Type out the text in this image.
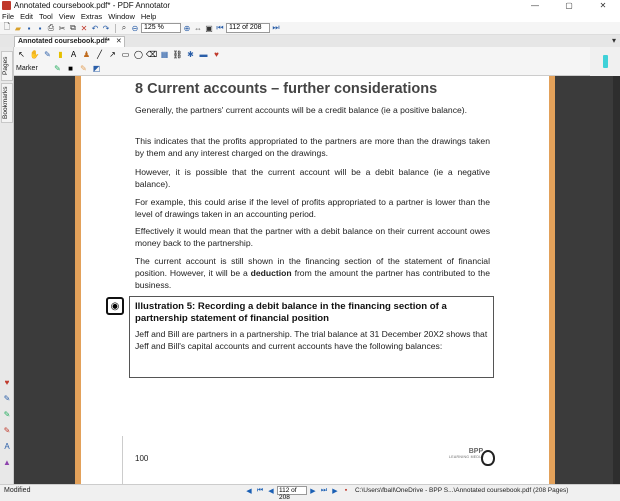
Annotated coursebook.pdf* - PDF Annotator	—	▢	✕
File Edit Tool View Extras Window Help
🗋 ▰ ▪	▪ ⎙ ✂ ⧉ ✕ ↶ ↷	⌕ ⊖ 125 %	⊕ ⇔ ▣ ⏮ 112 of 208	⏭
Annotated coursebook.pdf* ✕	▾
Pages
Bookmarks
♥
✎
✎
✎
A
▲
↖ ✋ ✎ ▮	A ♟ ╱ ↗ ▭ ◯ ⌫ ▦ ⛓ ✱ ▬ ♥
Marker	✎ ■ ✎ ◩
8 Current accounts – further considerations
Generally, the partners' current accounts will be a credit balance (ie a positive balance).
This indicates that the profits appropriated to the partners are more than the drawings taken by them and any interest charged on the drawings.
However, it is possible that the current account will be a debit balance (ie a negative balance).
For example, this could arise if the level of profits appropriated to a partner is lower than the level of drawings taken in an accounting period.
Effectively it would mean that the partner with a debit balance on their current account owes money back to the partnership.
The current account is still shown in the financing section of the statement of financial position. However, it will be a deduction from the amount the partner has contributed to the business.
◉	Illustration 5: Recording a debit balance in the financing section of a partnership statement of financial position
Jeff and Bill are partners in a partnership. The trial balance at 31 December 20X2 shows that Jeff and Bill's capital accounts and current accounts have the following balances:
100
BPP
LEARNING MEDIA
Modified	◀ ⏮ ◀ 112 of 208
▶ ⏭ ▶	▪	C:\Users\fball\OneDrive - BPP S...\Annotated coursebook.pdf (208 Pages)
